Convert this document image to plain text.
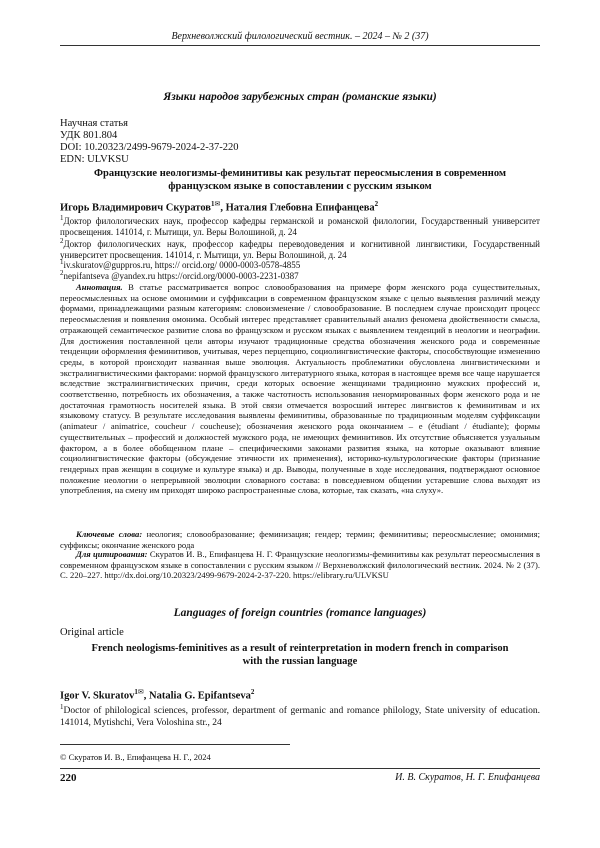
Верхневолжский филологический вестник. – 2024 – № 2 (37)
Языки народов зарубежных стран (романские языки)
Научная статья
УДК 801.804
DOI: 10.20323/2499-9679-2024-2-37-220
EDN: ULVKSU
Французские неологизмы-феминитивы как результат переосмысления в современном
французском языке в сопоставлении с русским языком
Игорь Владимирович Скуратов$^{1✉}$, Наталия Глебовна Епифанцева$^2$
$^1$Доктор филологических наук, профессор кафедры германской и романской филологии, Государственный университет просвещения. 141014, г. Мытищи, ул. Веры Волошиной, д. 24
$^2$Доктор филологических наук, профессор кафедры переводоведения и когнитивной лингвистики, Государственный университет просвещения. 141014, г. Мытищи, ул. Веры Волошиной, д. 24
$^1$iv.skuratov@guppros.ru, https:// orcid.org/ 0000-0003-0578-4855
$^2$nepifantseva @yandex.ru https://orcid.org/0000-0003-2231-0387
Аннотация. В статье рассматривается вопрос словообразования на примере форм женского рода существительных, переосмысленных на основе омонимии и суффиксации в современном французском языке с целью выявления различий между формами, принадлежащими разным категориям: словоизменение / словообразование. В последнем случае происходит процесс переосмысления и появления омонима. Особый интерес представляет сравнительный анализ феномена двойственности смысла, отражающей семантическое развитие слова во французском и русском языках с выявлением тенденций в неологии и неографии. Для достижения поставленной цели авторы изучают традиционные средства обозначения женского рода и современные тенденции оформления феминитивов, учитывая, через перцепцию, социолингвистические факторы, способствующие изменению среды, в которой происходит названная выше эволюция. Актуальность проблематики обусловлена лингвистическими и экстралингвистическими факторами: нормой французского литературного языка, которая в настоящее время все чаще нарушается вследствие экстралингвистических причин, среди которых освоение женщинами традиционно мужских профессий и, соответственно, потребность их обозначения, а также частотность использования ненормированных форм женского рода и не достаточная грамотность носителей языка. В этой связи отмечается возросший интерес лингвистов к феминитивам и их языковому статусу. В результате исследования выявлены феминитивы, образованные по традиционным моделям суффиксации (animateur / animatrice, coucheur / coucheuse); обозначения женского рода окончанием – e (étudiant / étudiante); формы существительных – профессий и должностей мужского рода, не имеющих феминитивов. Их отсутствие объясняется узуальным фактором, а в более обобщенном плане – специфическими законами развития языка, на которые оказывают влияние социолингвистические факторы (обсуждение этичности их применения), историко-культурологические факторы (признание гендерных прав женщин в социуме и культуре языка) и др. Выводы, полученные в ходе исследования, подтверждают основное положение неологии о непрерывной эволюции словарного состава: в повседневном общении устаревшие слова выходят из употребления, на смену им приходят широко распространенные слова, которые, так сказать, «на слуху».
Ключевые слова: неология; словообразование; феминизация; гендер; термин; феминитивы; переосмысление; омонимия; суффиксы; окончание женского рода
Для цитирования: Скуратов И. В., Епифанцева Н. Г. Французские неологизмы-феминитивы как результат переосмысления в современном французском языке в сопоставлении с русским языком // Верхневолжский филологический вестник. 2024. № 2 (37). С. 220–227. http://dx.doi.org/10.20323/2499-9679-2024-2-37-220. https://elibrary.ru/ULVKSU
Languages of foreign countries (romance languages)
Original article
French neologisms-feminitives as a result of reinterpretation in modern french in comparison
with the russian language
Igor V. Skuratov$^{1✉}$, Natalia G. Epifantseva$^2$
$^1$Doctor of philological sciences, professor, department of germanic and romance philology, State university of education. 141014, Mytishchi, Vera Voloshina str., 24
© Скуратов И. В., Епифанцева Н. Г., 2024
220	И. В. Скуратов, Н. Г. Епифанцева
